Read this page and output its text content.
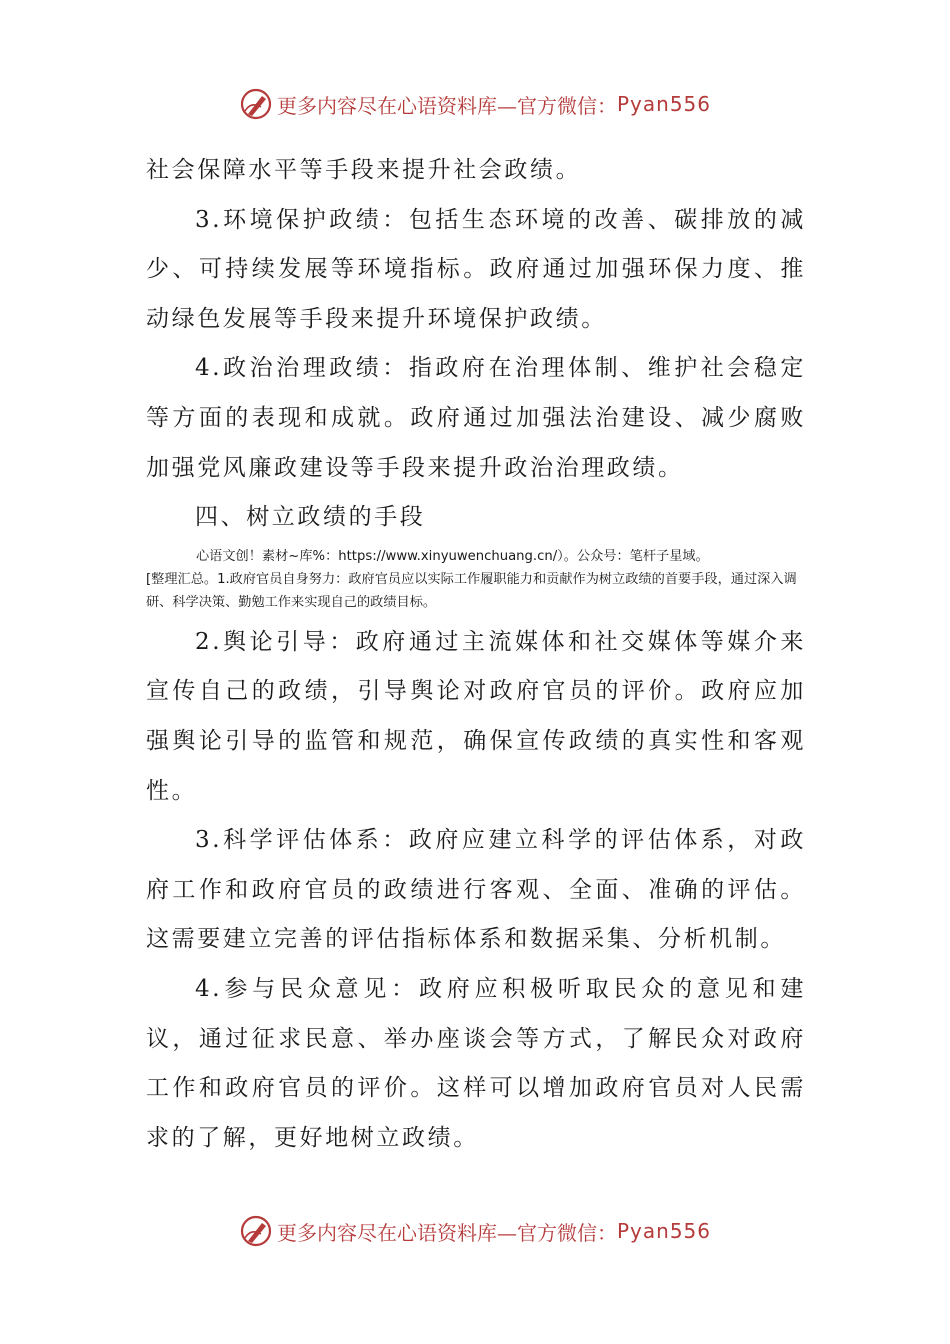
更多内容尽在心语资料库— 官方微信： Pyan556

社会保障水平等手段来提升社会政绩。

3.环境保护政绩：包括生态环境的改善、碳排放的减少、可持续发展等环境指标。政府通过加强环保力度、推动绿色发展等手段来提升环境保护政绩。

4.政治治理政绩：指政府在治理体制、维护社会稳定等方面的表现和成就。政府通过加强法治建设、减少腐败加强党风廉政建设等手段来提升政治治理政绩。

四、树立政绩的手段

心语文创！素材~库%：https://www.xinyuwenchuang.cn/）。公众号：笔杆子星域。
[整理汇总。1.政府官员自身努力：政府官员应以实际工作履职能力和贡献作为树立政绩的首要手段，通过深入调研、科学决策、勤勉工作来实现自己的政绩目标。

2.舆论引导：政府通过主流媒体和社交媒体等媒介来宣传自己的政绩，引导舆论对政府官员的评价。政府应加强舆论引导的监管和规范，确保宣传政绩的真实性和客观性。

3.科学评估体系：政府应建立科学的评估体系，对政府工作和政府官员的政绩进行客观、全面、准确的评估。这需要建立完善的评估指标体系和数据采集、分析机制。

4.参与民众意见：政府应积极听取民众的意见和建议，通过征求民意、举办座谈会等方式，了解民众对政府工作和政府官员的评价。这样可以增加政府官员对人民需求的了解，更好地树立政绩。

更多内容尽在心语资料库— 官方微信： Pyan556
